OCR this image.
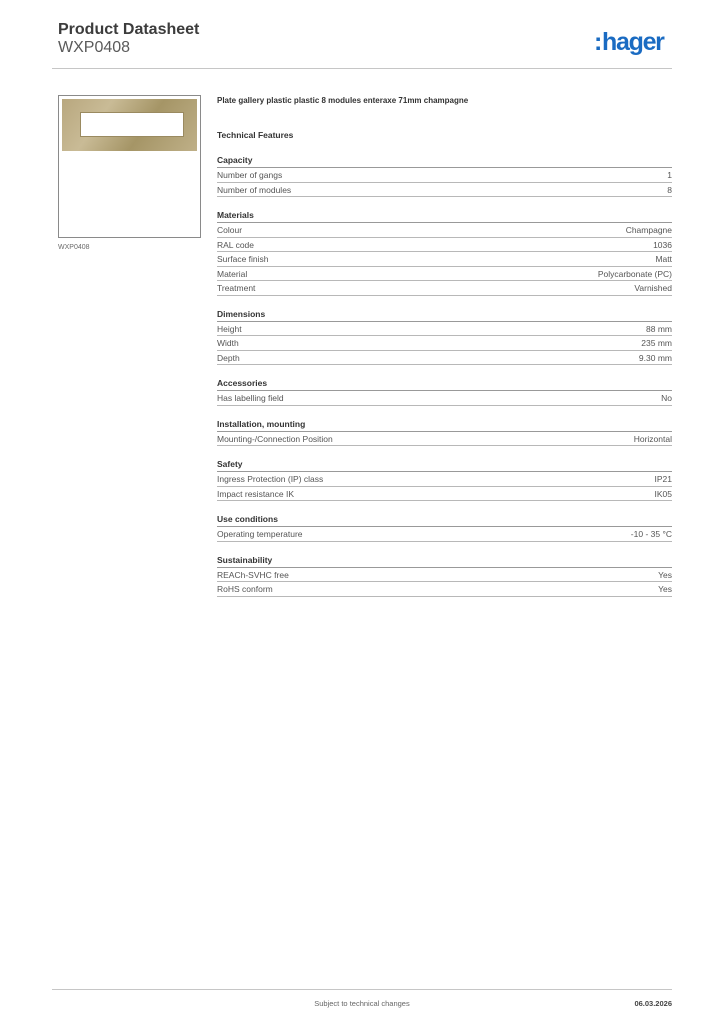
Product Datasheet
WXP0408	:hager
WXP0408
Plate gallery plastic plastic 8 modules enteraxe 71mm champagne
Technical Features
Capacity
Number of gangs	1
Number of modules	8
Materials
Colour	Champagne
RAL code	1036
Surface finish	Matt
Material	Polycarbonate (PC)
Treatment	Varnished
Dimensions
Height	88 mm
Width	235 mm
Depth	9.30 mm
Accessories
Has labelling field	No
Installation, mounting
Mounting-/Connection Position	Horizontal
Safety
Ingress Protection (IP) class	IP21
Impact resistance IK	IK05
Use conditions
Operating temperature	-10 - 35 °C
Sustainability
REACh-SVHC free	Yes
RoHS conform	Yes
Subject to technical changes	06.03.2026
